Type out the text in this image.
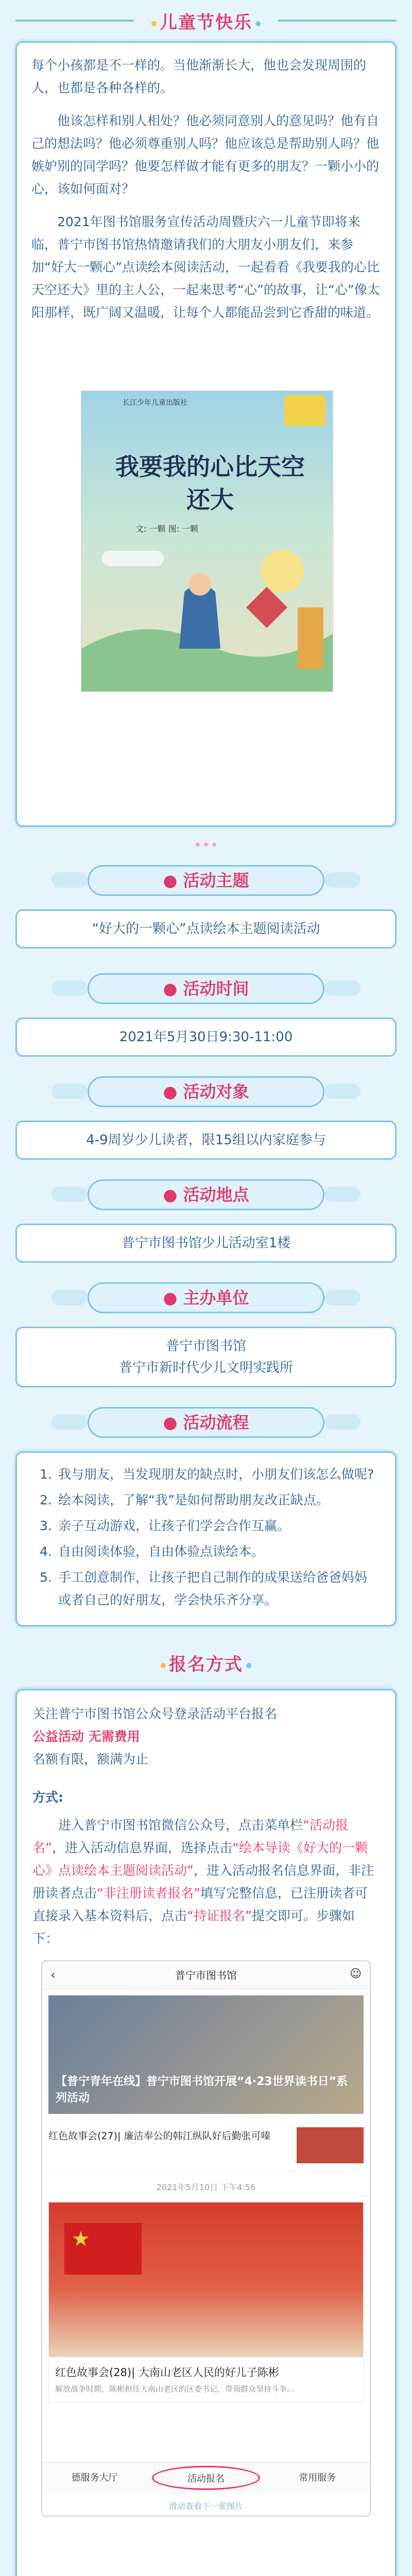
儿童节快乐

每个小孩都是不一样的。当他渐渐长大，他也会发现周围的人，也都是各种各样的。

他该怎样和别人相处？他必须同意别人的意见吗？他有自己的想法吗？他必须尊重别人吗？他应该总是帮助别人吗？他嫉妒别的同学吗？他要怎样做才能有更多的朋友？一颗小小的心，该如何面对？

2021年图书馆服务宣传活动周暨庆六一儿童节即将来临，普宁市图书馆热情邀请我们的大朋友小朋友们，来参加“好大一颗心”点读绘本阅读活动，一起看看《我要我的心比天空还大》里的主人公，一起来思考“心”的故事，让“心”像太阳那样，既广阔又温暖，让每个人都能品尝到它香甜的味道。

长江少年儿童出版社
我要我的心比天空还大
文: 一颗 图: 一颗
● 活动主题
“好大的一颗心”点读绘本主题阅读活动
● 活动时间
2021年5月30日9:30-11:00
● 活动对象
4-9周岁少儿读者，限15组以内家庭参与
● 活动地点
普宁市图书馆少儿活动室1楼
● 主办单位
普宁市图书馆
普宁市新时代少儿文明实践所
● 活动流程
1. 我与朋友，当发现朋友的缺点时，小朋友们该怎么做呢?
2. 绘本阅读，了解“我”是如何帮助朋友改正缺点。
3. 亲子互动游戏，让孩子们学会合作互赢。
4. 自由阅读体验，自由体验点读绘本。
5. 手工创意制作，让孩子把自己制作的成果送给爸爸妈妈或者自己的好朋友，学会快乐齐分享。
报名方式

关注普宁市图书馆公众号登录活动平台报名
公益活动 无需费用
名额有限，额满为止

方式:

进入普宁市图书馆微信公众号，点击菜单栏“活动报名”，进入活动信息界面，选择点击“绘本导读《好大的一颗心》点读绘本主题阅读活动”，进入活动报名信息界面，非注册读者点击“非注册读者报名”填写完整信息，已注册读者可直接录入基本资料后，点击“持证报名”提交即可。步骤如下：

‹	普宁市图书馆	☺
【普宁青年在线】普宁市图书馆开展“4·23世界读书日”系列活动
红色故事会(27)| 廉洁奉公的韩江纵队好后勤张可嗪
2021年5月10日 下午4:56
★
红色故事会(28)| 大南山老区人民的好儿子陈彬
解放战争时期，陈彬担任大南山老区的区委书记，带领群众坚持斗争...
德服务大厅	活动报名	常用服务
滑动查看下一张图片
